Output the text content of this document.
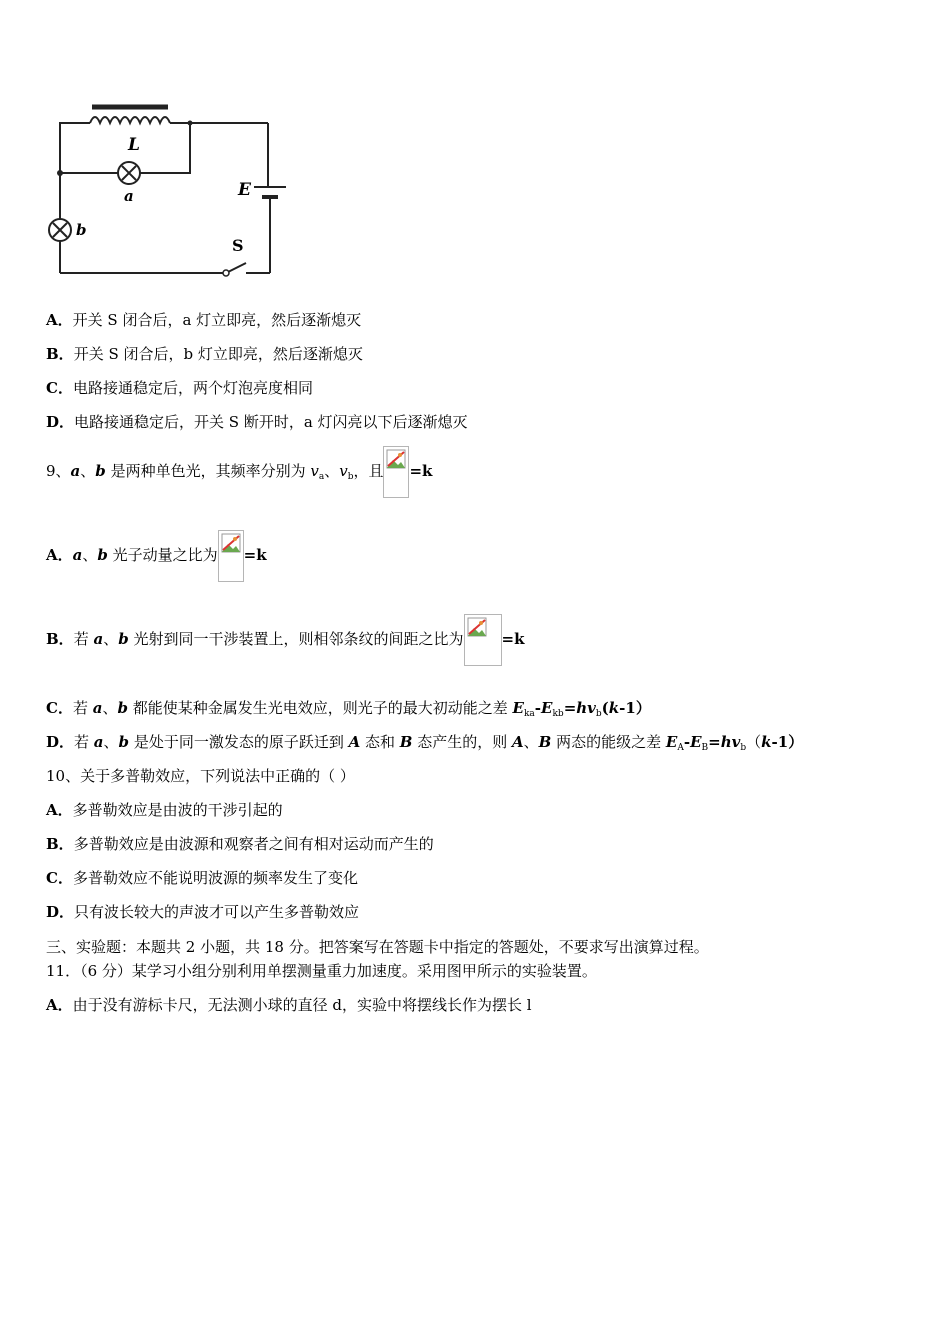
L
a
b
E
S
A．开关 S 闭合后，a 灯立即亮，然后逐渐熄灭
B．开关 S 闭合后，b 灯立即亮，然后逐渐熄灭
C．电路接通稳定后，两个灯泡亮度相同
D．电路接通稳定后，开关 S 断开时，a 灯闪亮以下后逐渐熄灭
9、a、b 是两种单色光，其频率分别为 $v_a$、$v_b$，且 =k
A．a、b 光子动量之比为 =k
B．若 a、b 光射到同一干涉装置上，则相邻条纹的间距之比为	=k
C．若 a、b 都能使某种金属发生光电效应，则光子的最大初动能之差 $E_{ka}-E_{kb}=hv_b(k-1)$
D．若 a、b 是处于同一激发态的原子跃迁到 A 态和 B 态产生的，则 A、B 两态的能级之差 $E_A-E_B=hv_b(k-1)$
10、关于多普勒效应，下列说法中正确的（ ）
A．多普勒效应是由波的干涉引起的
B．多普勒效应是由波源和观察者之间有相对运动而产生的
C．多普勒效应不能说明波源的频率发生了变化
D．只有波长较大的声波才可以产生多普勒效应
三、实验题：本题共 2 小题，共 18 分。把答案写在答题卡中指定的答题处，不要求写出演算过程。
11．（6 分）某学习小组分别利用单摆测量重力加速度。采用图甲所示的实验装置。
A．由于没有游标卡尺，无法测小球的直径 d，实验中将摆线长作为摆长 l
